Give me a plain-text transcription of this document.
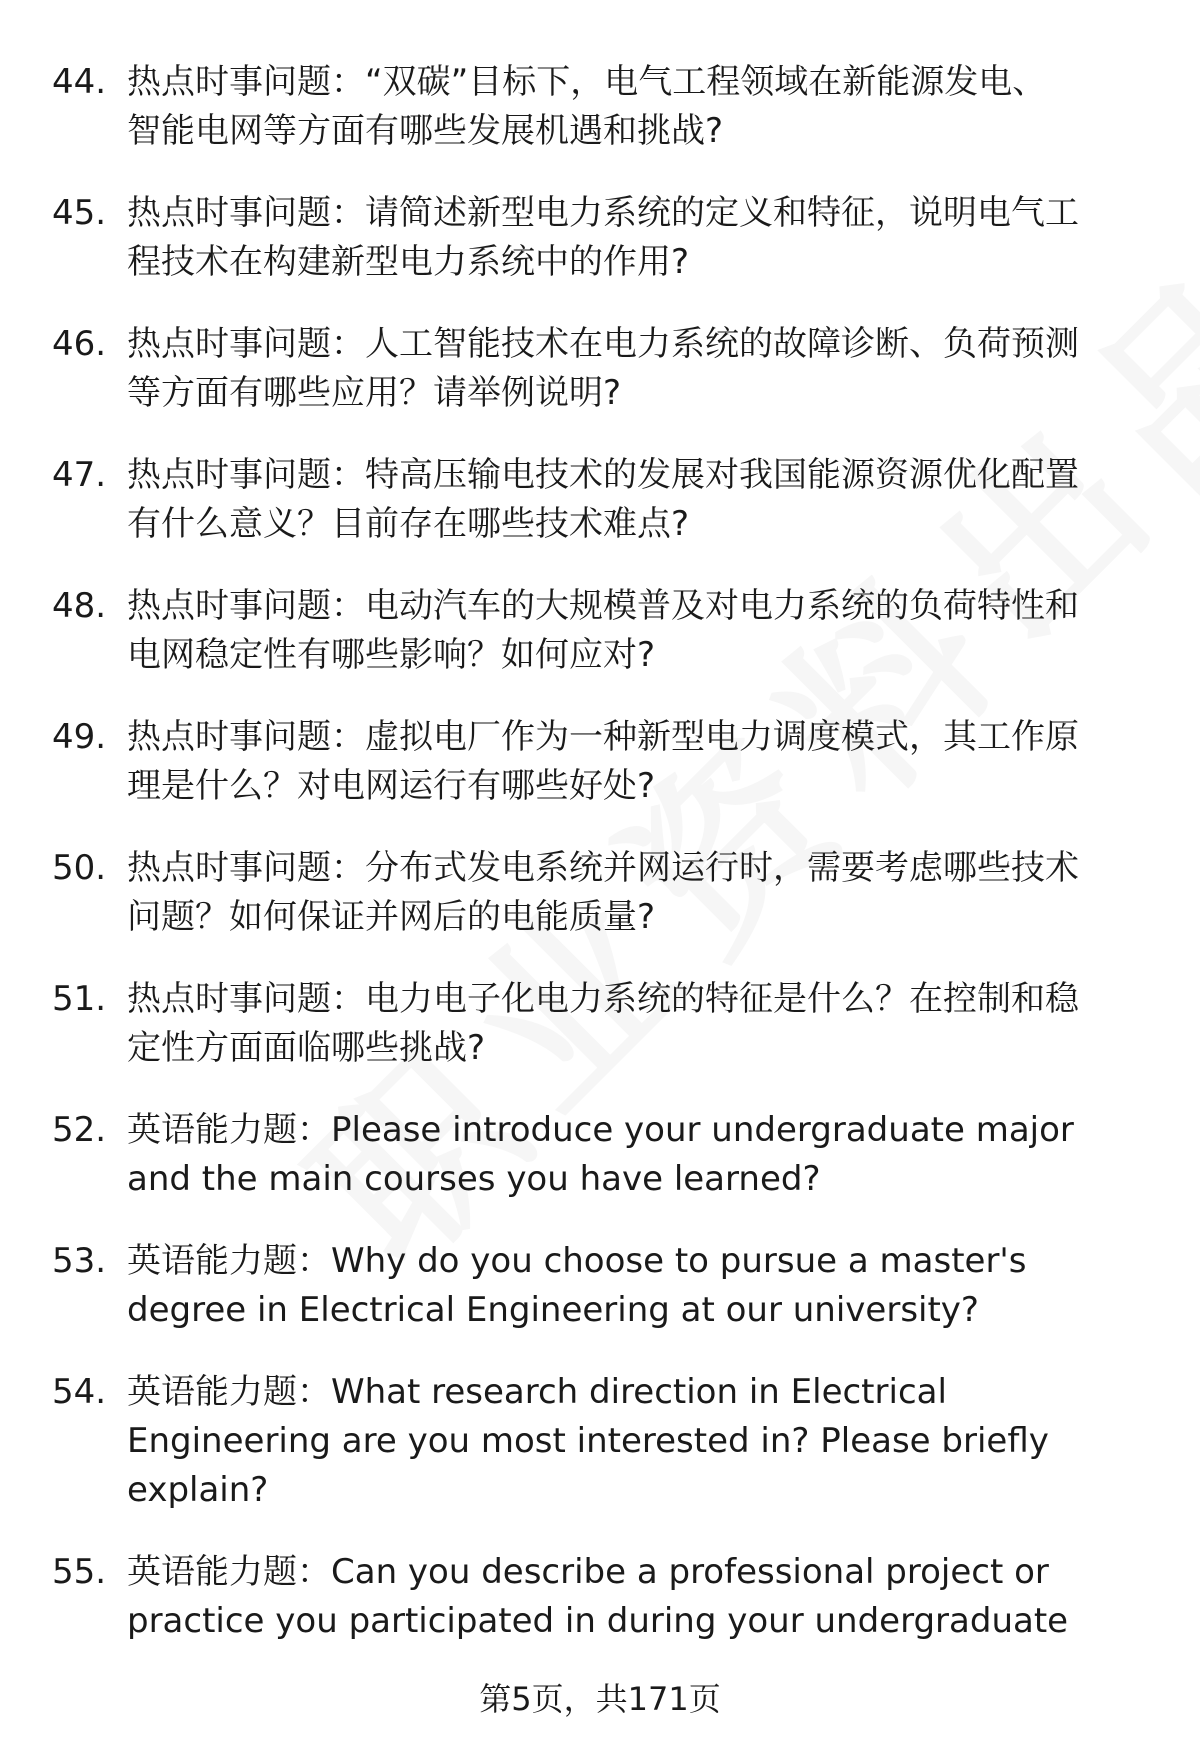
44. 热点时事问题：“双碳”目标下，电气工程领域在新能源发电、
智能电网等方面有哪些发展机遇和挑战?
45. 热点时事问题：请简述新型电力系统的定义和特征，说明电气工
程技术在构建新型电力系统中的作用?
46. 热点时事问题：人工智能技术在电力系统的故障诊断、负荷预测
等方面有哪些应用？请举例说明?
47. 热点时事问题：特高压输电技术的发展对我国能源资源优化配置
有什么意义？目前存在哪些技术难点?
48. 热点时事问题：电动汽车的大规模普及对电力系统的负荷特性和
电网稳定性有哪些影响？如何应对?
49. 热点时事问题：虚拟电厂作为一种新型电力调度模式，其工作原
理是什么？对电网运行有哪些好处?
50. 热点时事问题：分布式发电系统并网运行时，需要考虑哪些技术
问题？如何保证并网后的电能质量?
51. 热点时事问题：电力电子化电力系统的特征是什么？在控制和稳
定性方面面临哪些挑战?
52. 英语能力题：Please introduce your undergraduate major
and the main courses you have learned?
53. 英语能力题：Why do you choose to pursue a master's
degree in Electrical Engineering at our university?
54. 英语能力题：What research direction in Electrical
Engineering are you most interested in? Please briefly
explain?
55. 英语能力题：Can you describe a professional project or
practice you participated in during your undergraduate
第5页，共171页
